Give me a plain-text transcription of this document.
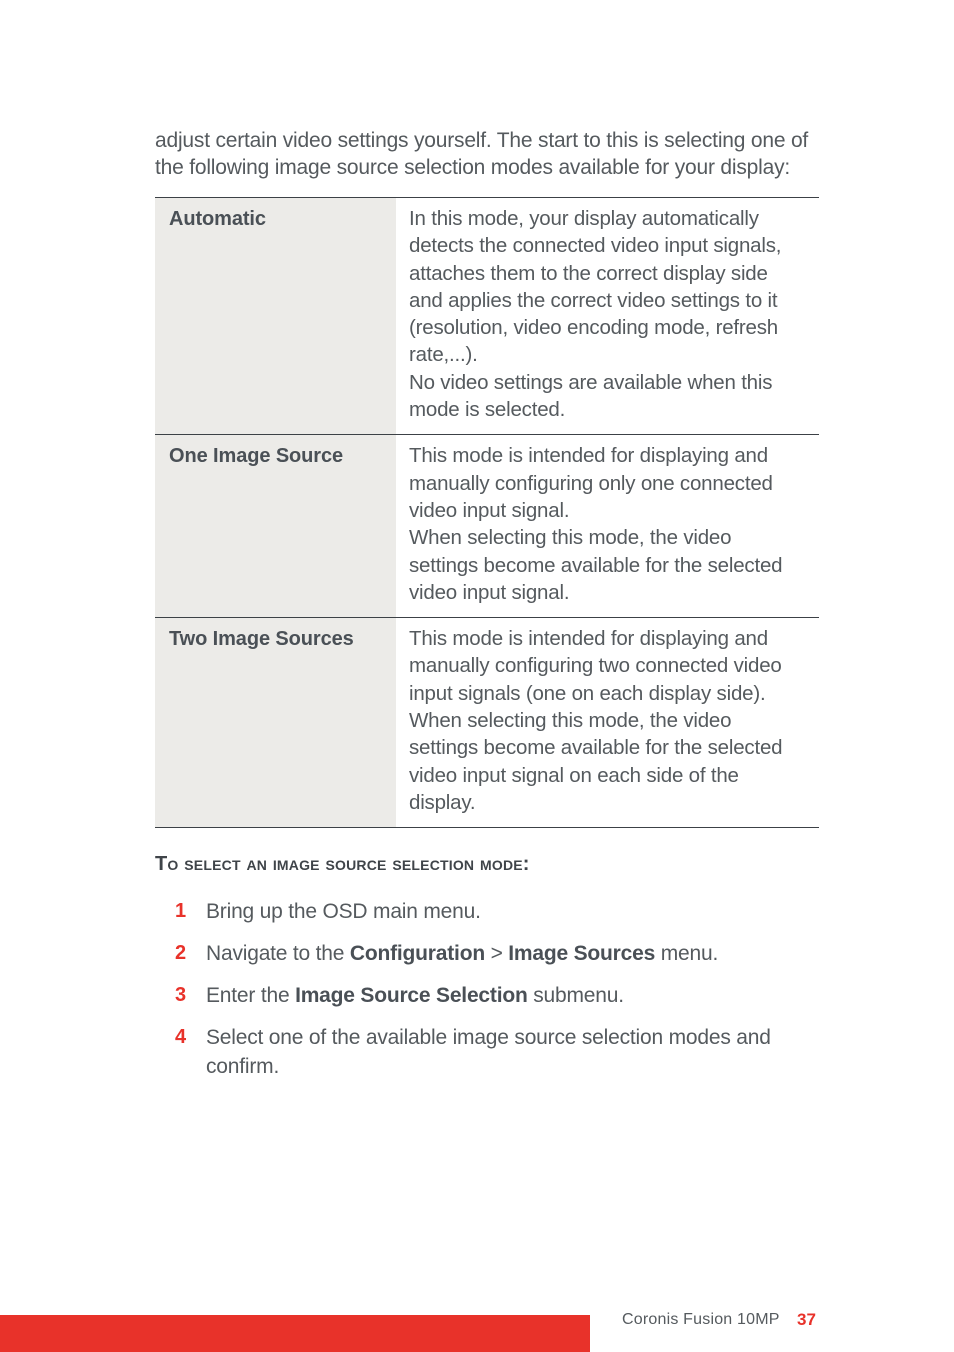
adjust certain video settings yourself. The start to this is selecting one of
the following image source selection modes available for your display:
Automatic	In this mode, your display automatically
detects the connected video input signals,
attaches them to the correct display side
and applies the correct video settings to it
(resolution, video encoding mode, refresh
rate,...).
No video settings are available when this
mode is selected.
One Image Source	This mode is intended for displaying and
manually configuring only one connected
video input signal.
When selecting this mode, the video
settings become available for the selected
video input signal.
Two Image Sources	This mode is intended for displaying and
manually configuring two connected video
input signals (one on each display side).
When selecting this mode, the video
settings become available for the selected
video input signal on each side of the
display.
To select an image source selection mode:
1 Bring up the OSD main menu.
2 Navigate to the Configuration > Image Sources menu.
3 Enter the Image Source Selection submenu.
4 Select one of the available image source selection modes and
confirm.
Coronis Fusion 10MP 37
